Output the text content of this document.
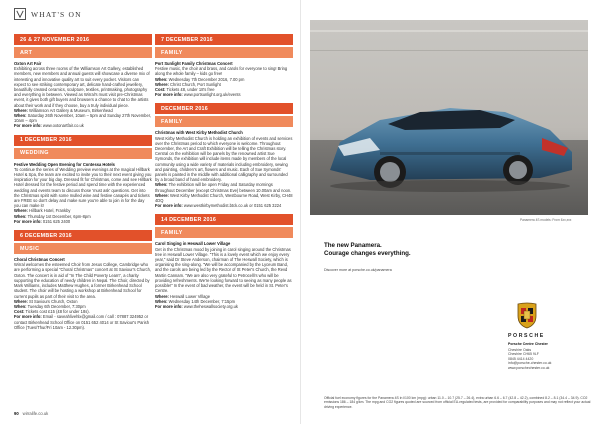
WHAT'S ON
26 & 27 NOVEMBER 2016
ART
Oxton Art Fair
Exhibiting across three rooms of the Williamson Art Gallery, established members, new members and annual guests will showcase a diverse mix of interesting and innovative quality art to suit every pocket. Visitors can expect to see striking contemporary art, delicate hand-crafted jewellery, beautifully created ceramics, sculpture, textiles, printmaking, photography and everything in between. Viewed as Wirral's must visit pre-Christmas event, it gives both gift buyers and browsers a chance to chat to the artists about their work and if they choose, buy a truly individual piece.
Where: Williamson Art Gallery & Museum, Birkenhead
When: Saturday 26th November, 10am – 5pm and Sunday 27th November, 10am – 4pm
For more info: www.oxtonartfair.co.uk
1 DECEMBER 2016
WEDDING
Festive Wedding Open Evening for Contessa Hotels
To continue the series of Wedding preview evenings at the magical Hillbark Hotel & Spa, the team are excited to invite you to their next event giving you inspiration for your big day. Dressed fit for Christmas, come and see Hillbark Hotel dressed for the festive period and spend time with the experienced wedding and events team to discuss those 'must ask' questions. Get into the Christmas spirit with some mulled wine and festive canapés and tickets are FREE so don't delay and make sure you're able to join in for the day you can make it!
Where: Hillbark Hotel, Frankby
When: Thursday 1st December, 6pm-8pm
For more info: 0151 625 2400
6 DECEMBER 2016
MUSIC
Choral Christmas Concert
Wirral welcomes the esteemed Choir from Jesus College, Cambridge who are performing a special "Choral Christmas" concert at St Saviour's Church, Oxton. The concert is in aid of "In The Child Poverty Learn", a charity supporting the education of needy children in Nepal. The Choir, directed by Mark Williams, includes Matthew Hughes, a former Birkenhead School student. The choir will be hosting a workshop at Birkenhead School for current pupils as part of their visit to the area.
Where: St Saviours Church, Oxton
When: Tuesday 6th December, 7:30pm
Cost: Tickets cost £15 (£8 for under 18s).
For more info: Email - saveahlivehlx@gmail.com / call : 07887 324952 or contact Birkenhead School Office on 0151 652 4014 or St Saviour's Parish Office (Tues/Thur/Fri 10am - 12.30pm).
7 DECEMBER 2016
FAMILY
Port Sunlight Family Christmas Concert
Festive music, the choir and brass, and carols for everyone to sing! Bring along the whole family – kids go free!
When: Wednesday 7th December 2016, 7.00 pm
Where: Christ Church, Port Sunlight
Cost: Tickets £8, under 18's free
For more info: www.portsunlight.org.uk/events
DECEMBER 2016
FAMILY
Christmas with West Kirby Methodist Church
West Kirby Methodist Church is holding an exhibition of events and services over the Christmas period to which everyone is welcome. Throughout December, the Art and Craft Exhibition will be telling the Christmas story. Central on the exhibition will be panels by the renowned artist Sue Symonds, the exhibition will include items made by members of the local community using a wide variety of materials including embroidery, sewing and painting, children's art, flowers and music. Each of Sue Symonds' panels is painted in the middle with additional calligraphy and surrounded by a broad band of hand embroidery.
When: The exhibition will be open Friday and Saturday mornings throughout December (except Christmas Eve) between 10.00am and noon.
Where: West Kirby Methodist Church, Westbourne Road, West Kirby, CH48 4DQ
For more info: www.westkirbymethodist.btck.co.uk or 0151 625 3224
14 DECEMBER 2016
FAMILY
Carol Singing in Heswall Lower Village
Get in the Christmas mood by joining in carol singing around the Christmas tree in Heswall Lower Village. "This is a lovely event which we enjoy every year," said Dr Steve Anderson, chairman of The Heswall Society, which is organising the sing-along. "We will be accompanied by the Lyceum Band, and the carols are being led by the Rector of St Peter's Church, the Revd Martin Cannam. "We are also very grateful to Petrocelli's who will be providing refreshments. We're looking forward to seeing as many people as possible!" In the event of bad weather, the event will be held in St. Peter's Centre.
Where: Heswall Lower Village
When: Wednesday 14th December, 7:15pm
For more info: www.theheswallsociety.org.uk
90 wirralife.co.uk
Panamera 4S models: From £xx,xxx
The new Panamera.
Courage changes everything.
Discover more at porsche.co.uk/panamera
PORSCHE
Porsche Centre Chester
Cheshire Oaks
Cheshire CH65 9LF
0845 4414 4420
info@porsche-chester.co.uk
www.porschechester.co.uk
Official fuel economy figures for the Panamera 4S in l/100 km (mpg): urban 11.0 – 10.7 (25.7 – 26.4), extra urban 6.6 – 6.7 (42.8 – 42.2), combined 8.2 – 8.1 (34.4 – 34.9). CO2 emissions 186 – 184 g/km. The mpg and CO2 figures quoted are sourced from official EU-regulated tests, are provided for comparability purposes and may not reflect your actual driving experience.
